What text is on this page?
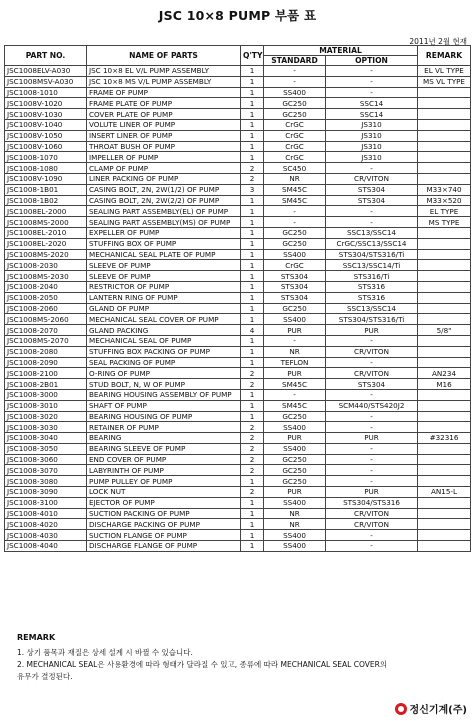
JSC 10×8 PUMP 부품 표
2011년 2월 현재
PART NO.	NAME OF PARTS	Q'TY	MATERIAL		REMARK
			STANDARD	OPTION	
JSC1008ELV-A030	JSC 10×8 EL V/L PUMP ASSEMBLY	1	-	-	EL VL TYPE
JSC1008MSV-A030	JSC 10×8 MS V/L PUMP ASSEMBLY	1	-	-	MS VL TYPE
JSC1008-1010	FRAME OF PUMP	1	SS400	-	
JSC1008V-1020	FRAME PLATE OF PUMP	1	GC250	SSC14	
JSC1008V-1030	COVER PLATE OF PUMP	1	GC250	SSC14	
JSC1008V-1040	VOLUTE LINER OF PUMP	1	CrGC	JS310	
JSC1008V-1050	INSERT LINER OF PUMP	1	CrGC	JS310	
JSC1008V-1060	THROAT BUSH OF PUMP	1	CrGC	JS310	
JSC1008-1070	IMPELLER OF PUMP	1	CrGC	JS310	
JSC1008-1080	CLAMP OF PUMP	2	SC450	-	
JSC1008V-1090	LINER PACKING OF PUMP	2	NR	CR/VITON	
JSC1008-1B01	CASING BOLT, 2N, 2W(1/2) OF PUMP	3	SM45C	STS304	M33×740
JSC1008-1B02	CASING BOLT, 2N, 2W(2/2) OF PUMP	1	SM45C	STS304	M33×520
JSC1008EL-2000	SEALING PART ASSEMBLY(EL) OF PUMP	1	-	-	EL TYPE
JSC1008MS-2000	SEALING PART ASSEMBLY(MS) OF PUMP	1	-	-	MS TYPE
JSC1008EL-2010	EXPELLER OF PUMP	1	GC250	SSC13/SSC14	
JSC1008EL-2020	STUFFING BOX OF PUMP	1	GC250	CrGC/SSC13/SSC14	
JSC1008MS-2020	MECHANICAL SEAL PLATE OF PUMP	1	SS400	STS304/STS316/Ti	
JSC1008-2030	SLEEVE OF PUMP	1	CrGC	SSC13/SSC14/Ti	
JSC1008MS-2030	SLEEVE OF PUMP	1	STS304	STS316/Ti	
JSC1008-2040	RESTRICTOR OF PUMP	1	STS304	STS316	
JSC1008-2050	LANTERN RING OF PUMP	1	STS304	STS316	
JSC1008-2060	GLAND OF PUMP	1	GC250	SSC13/SSC14	
JSC1008MS-2060	MECHANICAL SEAL COVER OF PUMP	1	SS400	STS304/STS316/Ti	
JSC1008-2070	GLAND PACKING	4	PUR	PUR	5/8"
JSC1008MS-2070	MECHANICAL SEAL OF PUMP	1	-	-	
JSC1008-2080	STUFFING BOX PACKING OF PUMP	1	NR	CR/VITON	
JSC1008-2090	SEAL PACKING OF PUMP	1	TEFLON	-	
JSC1008-2100	O-RING OF PUMP	2	PUR	CR/VITON	AN234
JSC1008-2B01	STUD BOLT, N, W OF PUMP	2	SM45C	STS304	M16
JSC1008-3000	BEARING HOUSING ASSEMBLY OF PUMP	1	-	-	
JSC1008-3010	SHAFT OF PUMP	1	SM45C	SCM440/STS420J2	
JSC1008-3020	BEARING HOUSING OF PUMP	1	GC250	-	
JSC1008-3030	RETAINER OF PUMP	2	SS400	-	
JSC1008-3040	BEARING	2	PUR	PUR	#32316
JSC1008-3050	BEARING SLEEVE OF PUMP	2	SS400	-	
JSC1008-3060	END COVER OF PUMP	2	GC250	-	
JSC1008-3070	LABYRINTH OF PUMP	2	GC250	-	
JSC1008-3080	PUMP PULLEY OF PUMP	1	GC250	-	
JSC1008-3090	LOCK NUT	2	PUR	PUR	AN15-L
JSC1008-3100	EJECTOR OF PUMP	1	SS400	STS304/STS316	
JSC1008-4010	SUCTION PACKING OF PUMP	1	NR	CR/VITON	
JSC1008-4020	DISCHARGE PACKING OF PUMP	1	NR	CR/VITON	
JSC1008-4030	SUCTION FLANGE OF PUMP	1	SS400	-	
JSC1008-4040	DISCHARGE FLANGE OF PUMP	1	SS400	-	
REMARK
1. 상기 품목과 재질은 상세 설계 시 바뀔 수 있습니다.
2. MECHANICAL SEAL은 사용환경에 따라 형태가 달라질 수 있고, 종류에 따라 MECHANICAL SEAL COVER의
유무가 결정된다.
정신기계(주)
